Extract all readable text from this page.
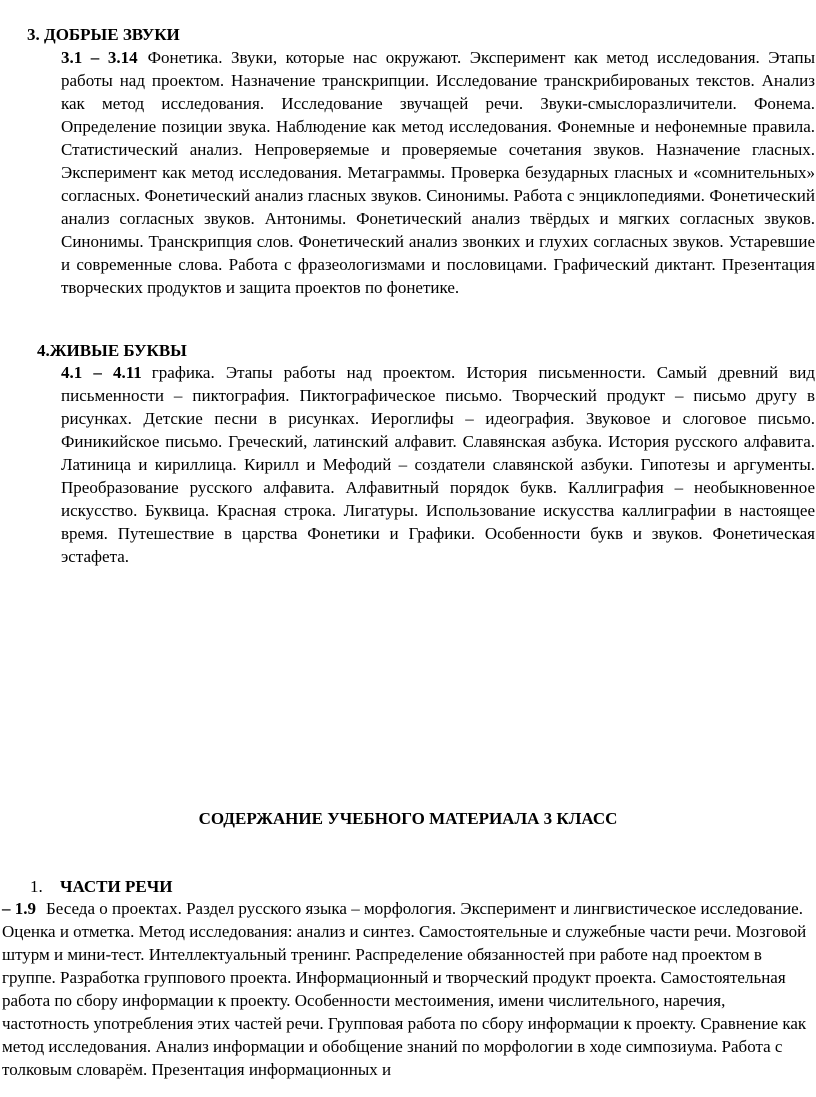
3. ДОБРЫЕ ЗВУКИ

3.1 – 3.14 Фонетика. Звуки, которые нас окружают. Эксперимент как метод исследования. Этапы работы над проектом. Назначение транскрипции. Исследование транскрибированых текстов. Анализ как метод исследования. Исследование звучащей речи. Звуки-смыслоразличители. Фонема. Определение позиции звука. Наблюдение как метод исследования. Фонемные и нефонемные правила. Статистический анализ. Непроверяемые и проверяемые сочетания звуков. Назначение гласных. Эксперимент как метод исследования. Метаграммы. Проверка безударных гласных и «сомнительных» согласных. Фонетический анализ гласных звуков. Синонимы. Работа с энциклопедиями. Фонетический анализ согласных звуков. Антонимы. Фонетический анализ твёрдых и мягких согласных звуков. Синонимы. Транскрипция слов. Фонетический анализ звонких и глухих согласных звуков. Устаревшие и современные слова. Работа с фразеологизмами и пословицами. Графический диктант. Презентация творческих продуктов и защита проектов по фонетике.

4.ЖИВЫЕ БУКВЫ

4.1 – 4.11 графика. Этапы работы над проектом. История письменности. Самый древний вид письменности – пиктография. Пиктографическое письмо. Творческий продукт – письмо другу в рисунках. Детские песни в рисунках. Иероглифы – идеография. Звуковое и слоговое письмо. Финикийское письмо. Греческий, латинский алфавит. Славянская азбука. История русского алфавита. Латиница и кириллица. Кирилл и Мефодий – создатели славянской азбуки. Гипотезы и аргументы. Преобразование русского алфавита. Алфавитный порядок букв. Каллиграфия – необыкновенное искусство. Буквица. Красная строка. Лигатуры. Использование искусства каллиграфии в настоящее время. Путешествие в царства Фонетики и Графики. Особенности букв и звуков. Фонетическая эстафета.

СОДЕРЖАНИЕ УЧЕБНОГО МАТЕРИАЛА 3 КЛАСС
1. ЧАСТИ РЕЧИ

– 1.9 Беседа о проектах. Раздел русского языка – морфология. Эксперимент и лингвистическое исследование. Оценка и отметка. Метод исследования: анализ и синтез. Самостоятельные и служебные части речи. Мозговой штурм и мини-тест. Интеллектуальный тренинг. Распределение обязанностей при работе над проектом в группе. Разработка группового проекта. Информационный и творческий продукт проекта. Самостоятельная работа по сбору информации к проекту. Особенности местоимения, имени числительного, наречия, частотность употребления этих частей речи. Групповая работа по сбору информации к проекту. Сравнение как метод исследования. Анализ информации и обобщение знаний по морфологии в ходе симпозиума. Работа с толковым словарём. Презентация информационных и
